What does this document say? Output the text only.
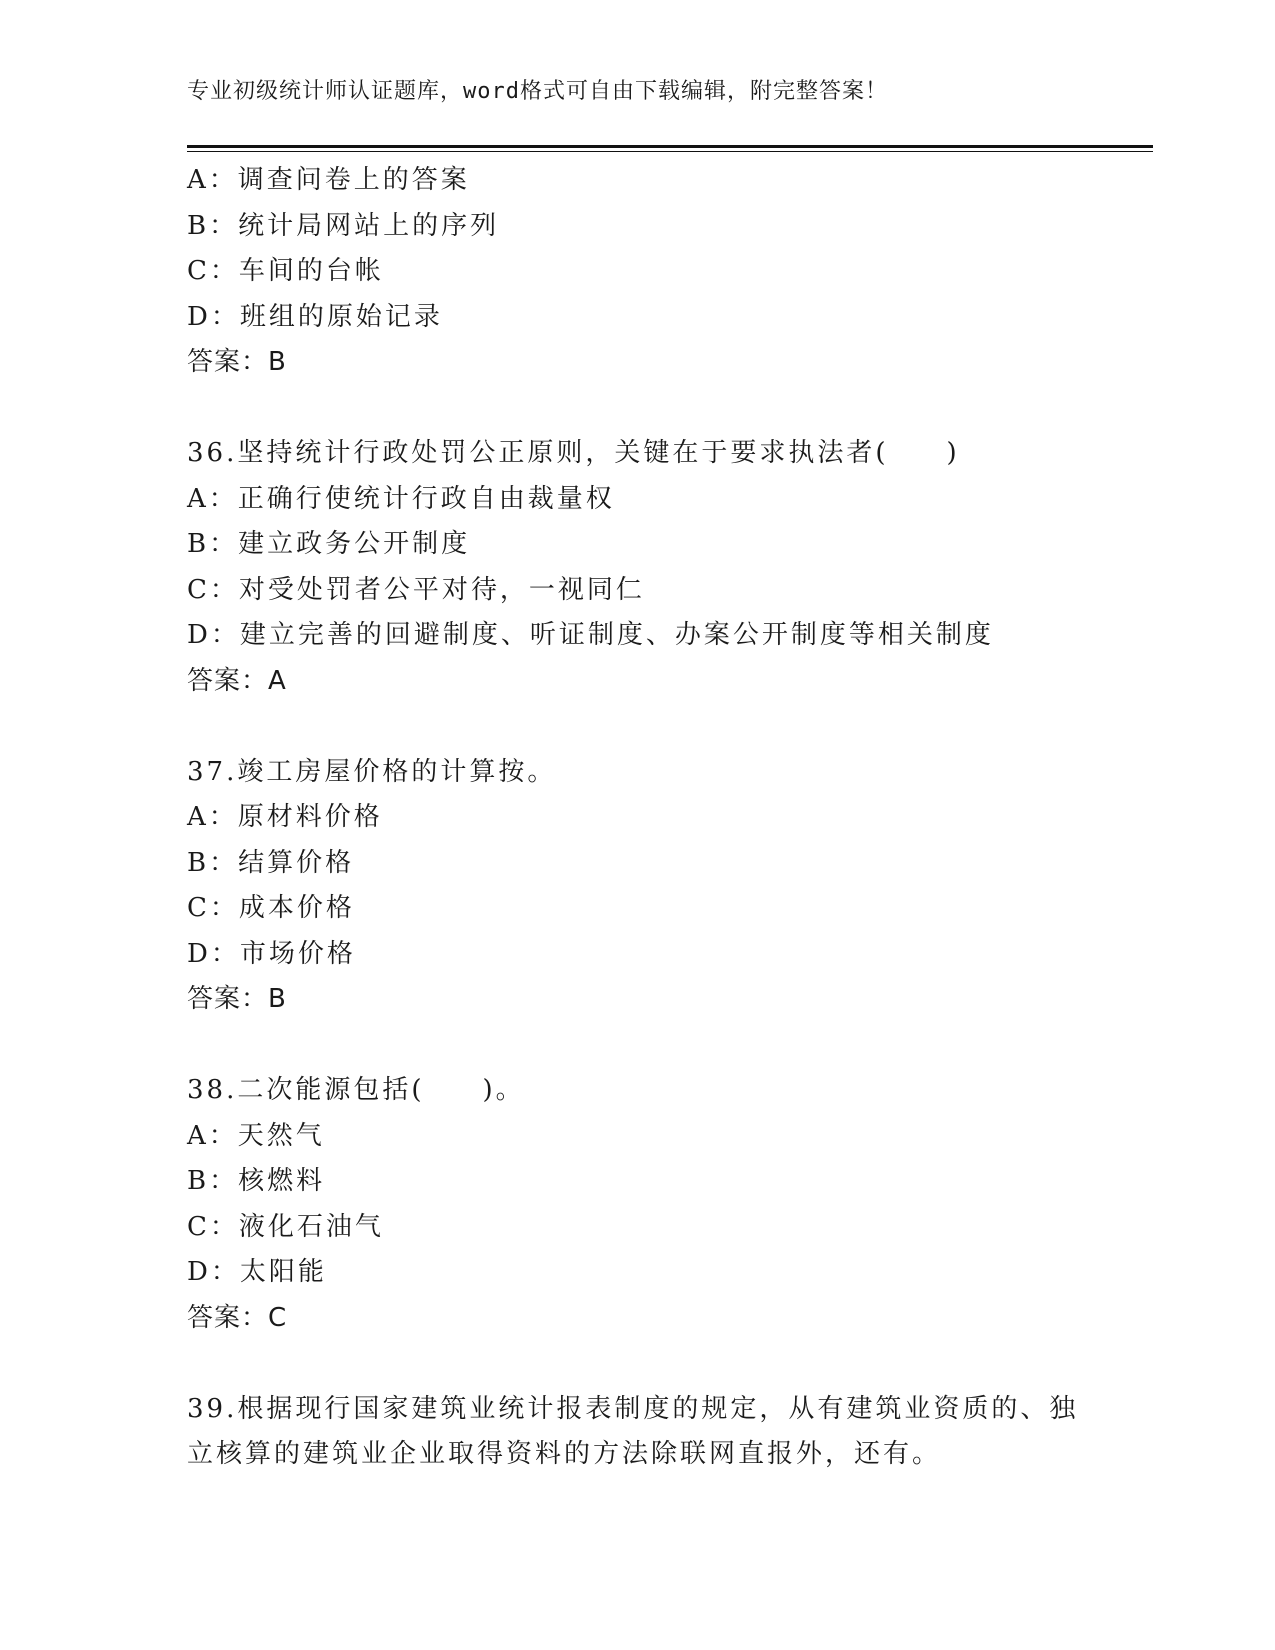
专业初级统计师认证题库，word格式可自由下载编辑，附完整答案！
A：调查问卷上的答案
B：统计局网站上的序列
C：车间的台帐
D：班组的原始记录
答案：B
36.坚持统计行政处罚公正原则，关键在于要求执法者(　　)
A：正确行使统计行政自由裁量权
B：建立政务公开制度
C：对受处罚者公平对待，一视同仁
D：建立完善的回避制度、听证制度、办案公开制度等相关制度
答案：A
37.竣工房屋价格的计算按。
A：原材料价格
B：结算价格
C：成本价格
D：市场价格
答案：B
38.二次能源包括(　　)。
A：天然气
B：核燃料
C：液化石油气
D：太阳能
答案：C
39.根据现行国家建筑业统计报表制度的规定，从有建筑业资质的、独
立核算的建筑业企业取得资料的方法除联网直报外，还有。
